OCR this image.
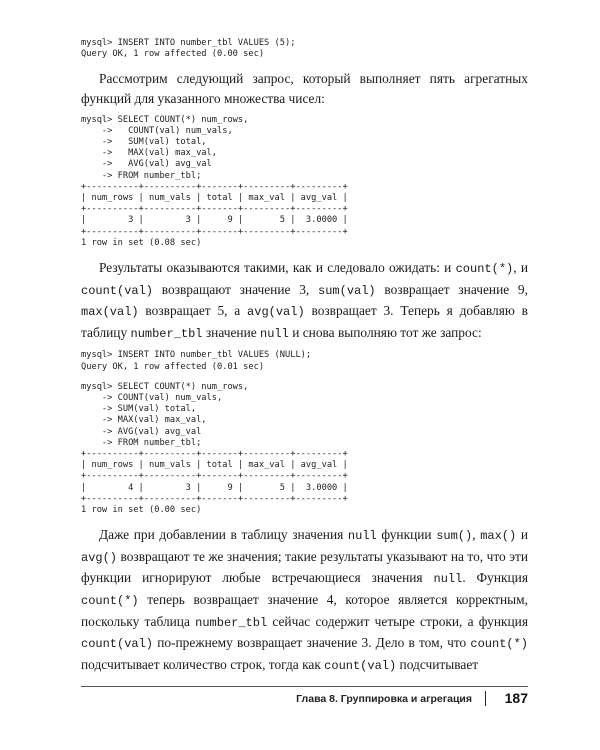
mysql> INSERT INTO number_tbl VALUES (5);
Query OK, 1 row affected (0.00 sec)

Рассмотрим следующий запрос, который выполняет пять агрегатных функций для указанного множества чисел:

mysql> SELECT COUNT(*) num_rows,
->   COUNT(val) num_vals,
->   SUM(val) total,
->   MAX(val) max_val,
->   AVG(val) avg_val
-> FROM number_tbl;
+----------+----------+-------+---------+---------+
| num_rows | num_vals | total | max_val | avg_val |
+----------+----------+-------+---------+---------+
|        3 |        3 |     9 |       5 |  3.0000 |
+----------+----------+-------+---------+---------+
1 row in set (0.08 sec)

Результаты оказываются такими, как и следовало ожидать: и count(*), и count(val) возвращают значение 3, sum(val) возвращает значение 9, max(val) возвращает 5, а avg(val) возвращает 3. Теперь я добавляю в таблицу number_tbl значение null и снова выполняю тот же запрос:

mysql> INSERT INTO number_tbl VALUES (NULL);
Query OK, 1 row affected (0.01 sec)
mysql> SELECT COUNT(*) num_rows,
-> COUNT(val) num_vals,
-> SUM(val) total,
-> MAX(val) max_val,
-> AVG(val) avg_val
-> FROM number_tbl;
+----------+----------+-------+---------+---------+
| num_rows | num_vals | total | max_val | avg_val |
+----------+----------+-------+---------+---------+
|        4 |        3 |     9 |       5 |  3.0000 |
+----------+----------+-------+---------+---------+
1 row in set (0.00 sec)

Даже при добавлении в таблицу значения null функции sum(), max() и avg() возвращают те же значения; такие результаты указывают на то, что эти функции игнорируют любые встречающиеся значения null. Функция count(*) теперь возвращает значение 4, которое является корректным, поскольку таблица number_tbl сейчас содержит четыре строки, а функция count(val) по-прежнему возвращает значение 3. Дело в том, что count(*) подсчитывает количество строк, тогда как count(val) подсчитывает

Глава 8. Группировка и агрегация 187
